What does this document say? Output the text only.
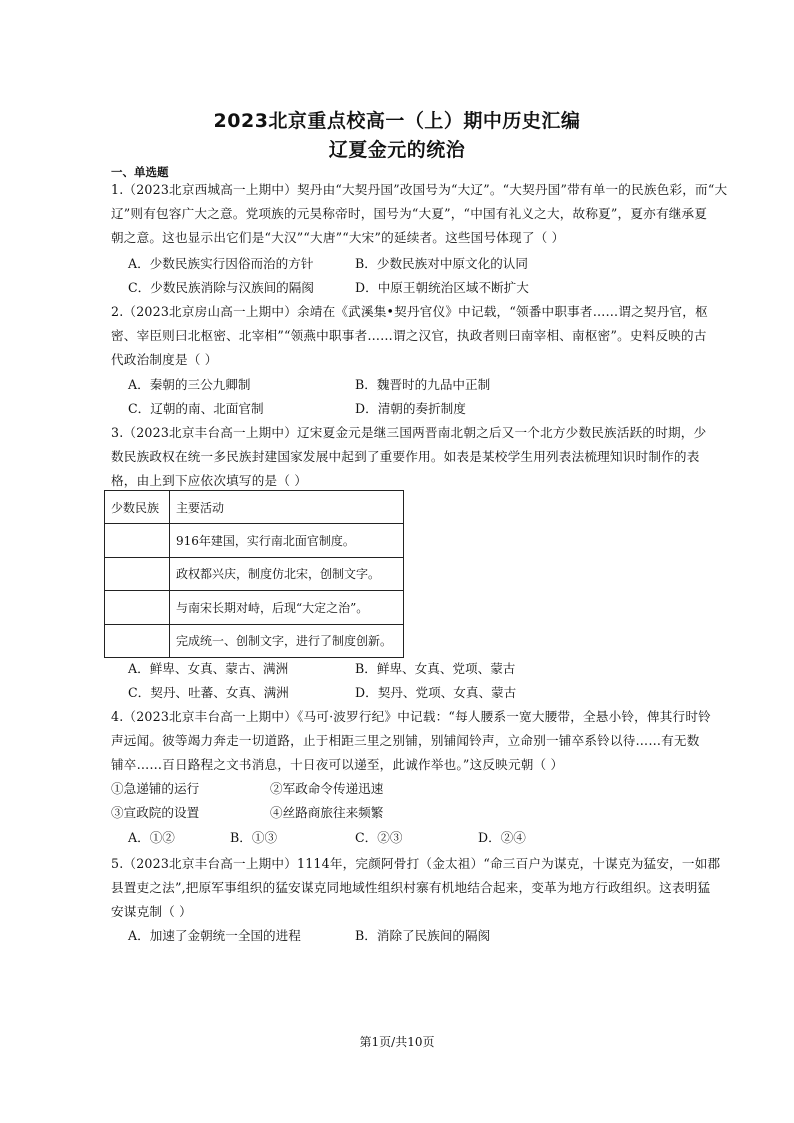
2023北京重点校高一（上）期中历史汇编
辽夏金元的统治
一、单选题
1.（2023北京西城高一上期中）契丹由“大契丹国”改国号为“大辽”。“大契丹国”带有单一的民族色彩，而“大
辽”则有包容广大之意。党项族的元昊称帝时，国号为“大夏”，“中国有礼义之大，故称夏”，夏亦有继承夏
朝之意。这也显示出它们是“大汉”“大唐”“大宋”的延续者。这些国号体现了（ ）
A．少数民族实行因俗而治的方针	B．少数民族对中原文化的认同
C．少数民族消除与汉族间的隔阂	D．中原王朝统治区域不断扩大
2.（2023北京房山高一上期中）余靖在《武溪集•契丹官仪》中记载，“领番中职事者……谓之契丹官，枢
密、宰臣则曰北枢密、北宰相”“领燕中职事者……谓之汉官，执政者则曰南宰相、南枢密”。史料反映的古
代政治制度是（ ）
A．秦朝的三公九卿制	B．魏晋时的九品中正制
C．辽朝的南、北面官制	D．清朝的奏折制度
3.（2023北京丰台高一上期中）辽宋夏金元是继三国两晋南北朝之后又一个北方少数民族活跃的时期，少
数民族政权在统一多民族封建国家发展中起到了重要作用。如表是某校学生用列表法梳理知识时制作的表
格，由上到下应依次填写的是（ ）
少数民族	主要活动
	916年建国，实行南北面官制度。
	政权都兴庆，制度仿北宋，创制文字。
	与南宋长期对峙，后现“大定之治”。
	完成统一、创制文字，进行了制度创新。
A．鲜卑、女真、蒙古、满洲	B．鲜卑、女真、党项、蒙古
C．契丹、吐蕃、女真、满洲	D．契丹、党项、女真、蒙古
4.（2023北京丰台高一上期中）《马可·波罗行纪》中记载：“每人腰系一宽大腰带，全悬小铃，俾其行时铃
声远闻。彼等竭力奔走一切道路，止于相距三里之别铺，别铺闻铃声，立命别一铺卒系铃以待……有无数
铺卒……百日路程之文书消息，十日夜可以递至，此诚作举也。”这反映元朝（ ）
①急递铺的运行	②军政命令传递迅速
③宣政院的设置	④丝路商旅往来频繁
A．①②	B．①③	C．②③	D．②④
5.（2023北京丰台高一上期中）1114年，完颜阿骨打（金太祖）“命三百户为谋克，十谋克为猛安，一如郡
县置吏之法”,把原军事组织的猛安谋克同地域性组织村寨有机地结合起来，变革为地方行政组织。这表明猛
安谋克制（ ）
A．加速了金朝统一全国的进程	B．消除了民族间的隔阂
第1页/共10页
